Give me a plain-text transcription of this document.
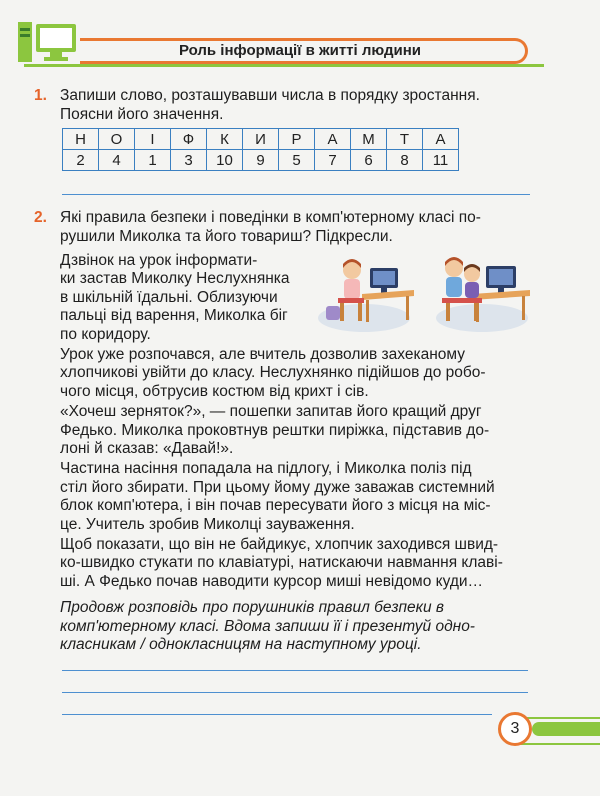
Роль інформації в житті людини
1. Запиши слово, розташувавши числа в порядку зростання.
Поясни його значення.
Н	О	І	Ф	К	И	Р	А	М	Т	А
2	4	1	3	10	9	5	7	6	8	11
2. Які правила безпеки і поведінки в комп'ютерному класі по-
рушили Миколка та його товариш? Підкресли.
Дзвінок на урок інформати-
ки застав Миколку Неслухнянка
в шкільній їдальні. Облизуючи
пальці від варення, Миколка біг
по коридору.
Урок уже розпочався, але вчитель дозволив захеканому
хлопчикові увійти до класу. Неслухнянко підійшов до робо-
чого місця, обтрусив костюм від крихт і сів.
«Хочеш зерняток?», — пошепки запитав його кращий друг
Федько. Миколка проковтнув рештки пиріжка, підставив до-
лоні й сказав: «Давай!».
Частина насіння попадала на підлогу, і Миколка поліз під
стіл його збирати. При цьому йому дуже заважав системний
блок комп'ютера, і він почав пересувати його з місця на міс-
це. Учитель зробив Миколці зауваження.
Щоб показати, що він не байдикує, хлопчик заходився швид-
ко-швидко стукати по клавіатурі, натискаючи навмання клаві-
ші. А Федько почав наводити курсор миші невідомо куди…
Продовж розповідь про порушників правил безпеки в
комп'ютерному класі. Вдома запиши її і презентуй одно-
класникам / однокласницям на наступному уроці.
3
